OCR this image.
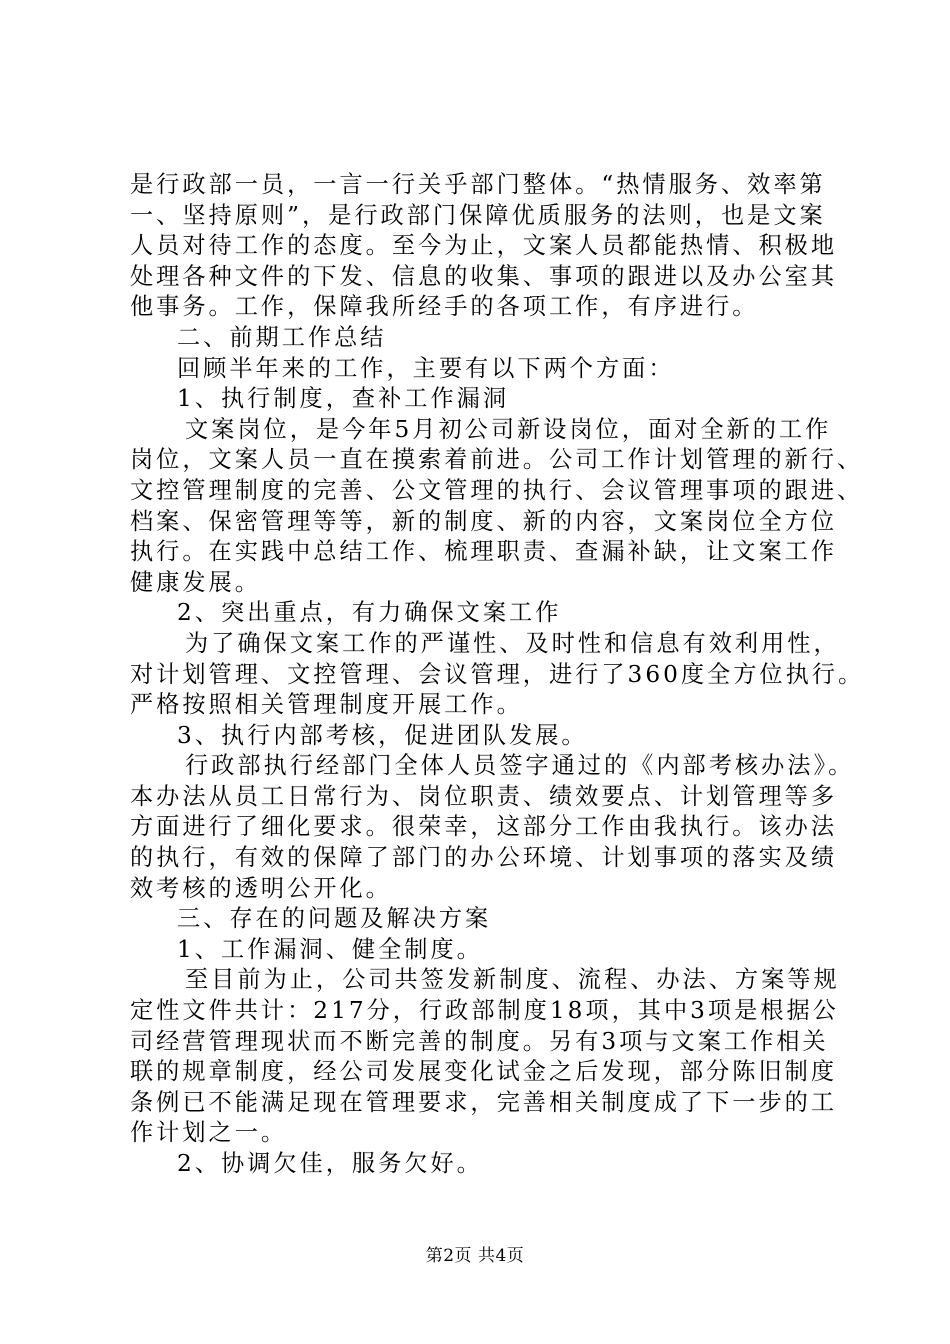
是行政部一员，一言一行关乎部门整体。“热情服务、效率第
一、坚持原则”，是行政部门保障优质服务的法则，也是文案
人员对待工作的态度。至今为止，文案人员都能热情、积极地
处理各种文件的下发、信息的收集、事项的跟进以及办公室其
他事务。工作，保障我所经手的各项工作，有序进行。
二、前期工作总结
回顾半年来的工作，主要有以下两个方面：
1、执行制度，查补工作漏洞
文案岗位，是今年5月初公司新设岗位，面对全新的工作
岗位，文案人员一直在摸索着前进。公司工作计划管理的新行、
文控管理制度的完善、公文管理的执行、会议管理事项的跟进、
档案、保密管理等等，新的制度、新的内容，文案岗位全方位
执行。在实践中总结工作、梳理职责、查漏补缺，让文案工作
健康发展。
2、突出重点，有力确保文案工作
为了确保文案工作的严谨性、及时性和信息有效利用性，
对计划管理、文控管理、会议管理，进行了360度全方位执行。
严格按照相关管理制度开展工作。
3、执行内部考核，促进团队发展。
行政部执行经部门全体人员签字通过的《内部考核办法》。
本办法从员工日常行为、岗位职责、绩效要点、计划管理等多
方面进行了细化要求。很荣幸，这部分工作由我执行。该办法
的执行，有效的保障了部门的办公环境、计划事项的落实及绩
效考核的透明公开化。
三、存在的问题及解决方案
1、工作漏洞、健全制度。
至目前为止，公司共签发新制度、流程、办法、方案等规
定性文件共计：217分，行政部制度18项，其中3项是根据公
司经营管理现状而不断完善的制度。另有3项与文案工作相关
联的规章制度，经公司发展变化试金之后发现，部分陈旧制度
条例已不能满足现在管理要求，完善相关制度成了下一步的工
作计划之一。
2、协调欠佳，服务欠好。
第2页 共4页
